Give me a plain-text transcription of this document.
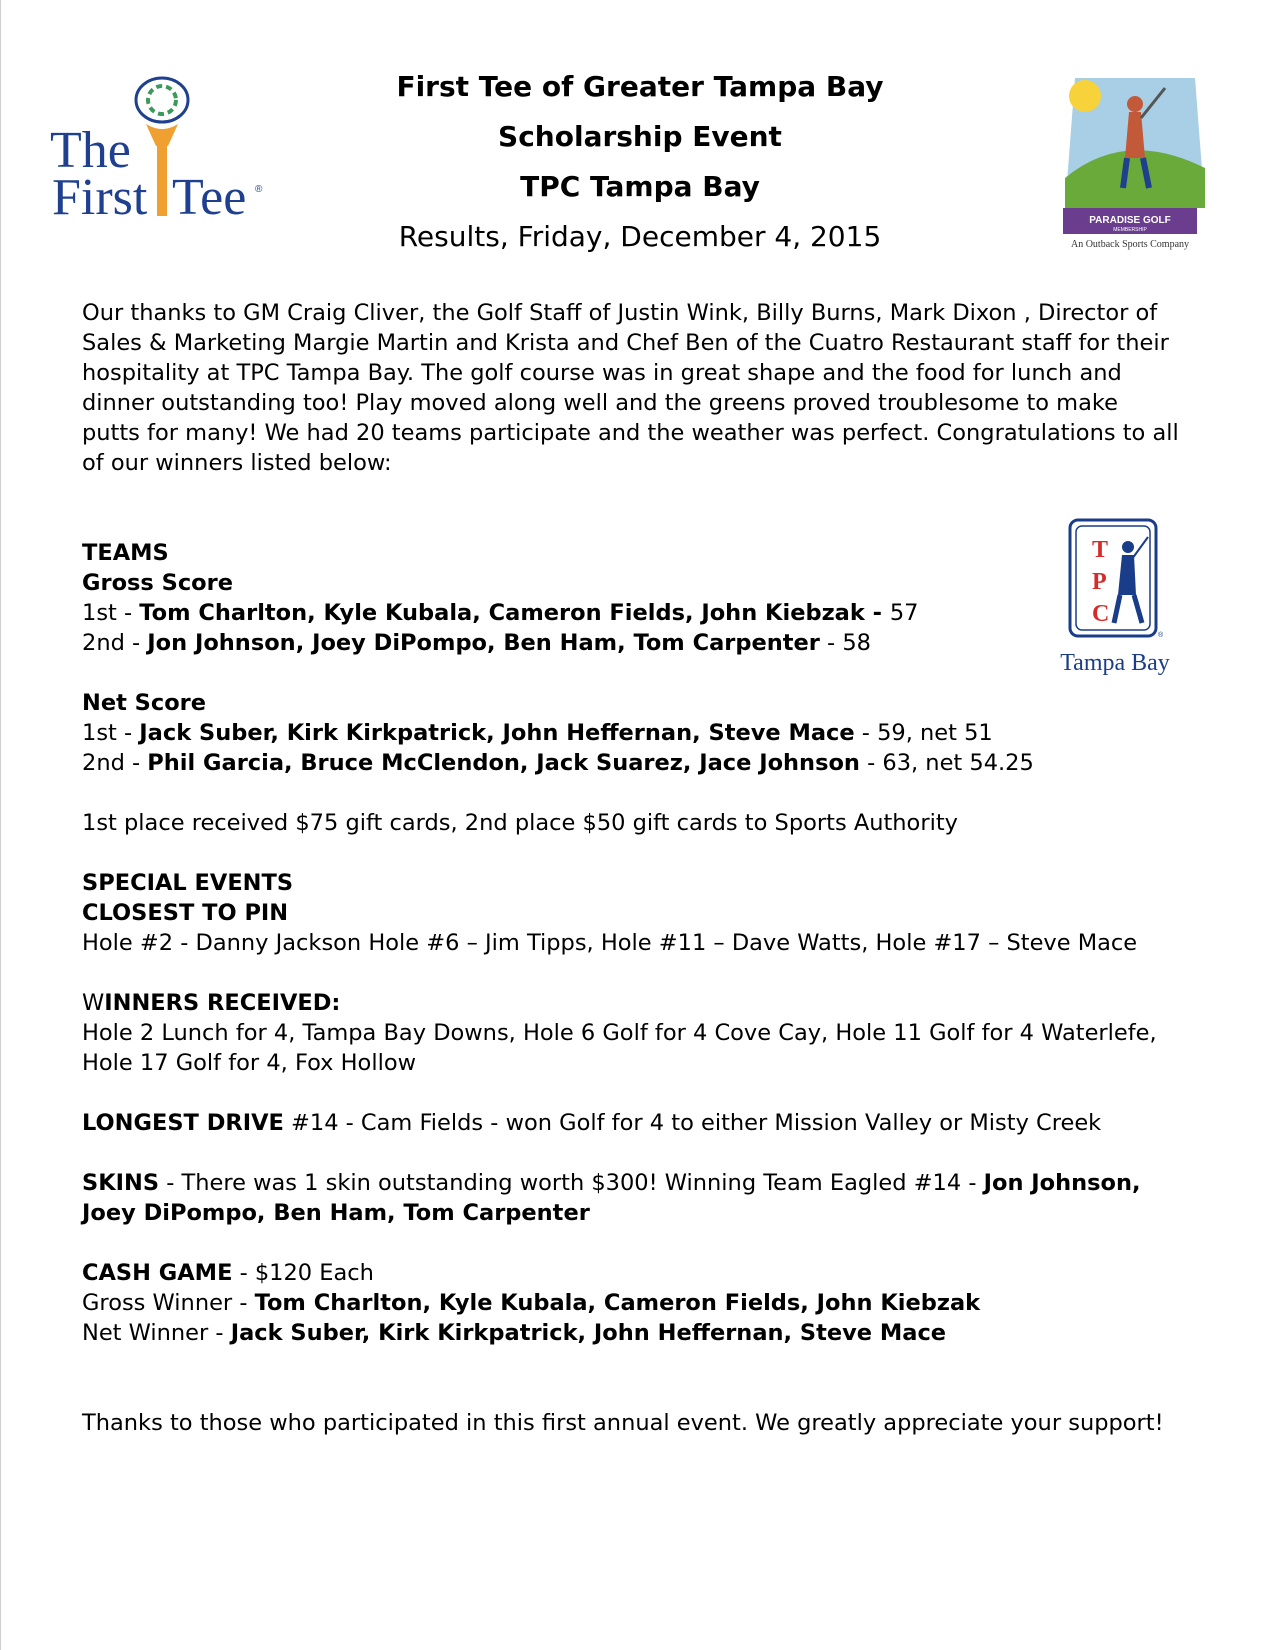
The
First Tee ®

First Tee of Greater Tampa Bay

Scholarship Event

TPC Tampa Bay

Results, Friday, December 4, 2015	PARADISE GOLF
MEMBERSHIP
An Outback Sports Company
T
P
C
®
Tampa Bay

Our thanks to GM Craig Cliver, the Golf Staff of Justin Wink, Billy Burns, Mark Dixon , Director of Sales & Marketing Margie Martin and Krista and Chef Ben of the Cuatro Restaurant staff for their hospitality at TPC Tampa Bay. The golf course was in great shape and the food for lunch and dinner outstanding too! Play moved along well and the greens proved troublesome to make putts for many! We had 20 teams participate and the weather was perfect. Congratulations to all of our winners listed below:

TEAMS

Gross Score

1st - Tom Charlton, Kyle Kubala, Cameron Fields, John Kiebzak - 57

2nd - Jon Johnson, Joey DiPompo, Ben Ham, Tom Carpenter - 58

Net Score

1st - Jack Suber, Kirk Kirkpatrick, John Heffernan, Steve Mace - 59, net 51

2nd - Phil Garcia, Bruce McClendon, Jack Suarez, Jace Johnson - 63, net 54.25

1st place received $75 gift cards, 2nd place $50 gift cards to Sports Authority

SPECIAL EVENTS

CLOSEST TO PIN

Hole #2 - Danny Jackson Hole #6 – Jim Tipps, Hole #11 – Dave Watts, Hole #17 – Steve Mace

WINNERS RECEIVED:

Hole 2 Lunch for 4, Tampa Bay Downs, Hole 6 Golf for 4 Cove Cay, Hole 11 Golf for 4 Waterlefe,

Hole 17 Golf for 4, Fox Hollow

LONGEST DRIVE #14 - Cam Fields - won Golf for 4 to either Mission Valley or Misty Creek

SKINS - There was 1 skin outstanding worth $300! Winning Team Eagled #14 - Jon Johnson, Joey DiPompo, Ben Ham, Tom Carpenter

CASH GAME - $120 Each

Gross Winner - Tom Charlton, Kyle Kubala, Cameron Fields, John Kiebzak

Net Winner - Jack Suber, Kirk Kirkpatrick, John Heffernan, Steve Mace

Thanks to those who participated in this first annual event. We greatly appreciate your support!
